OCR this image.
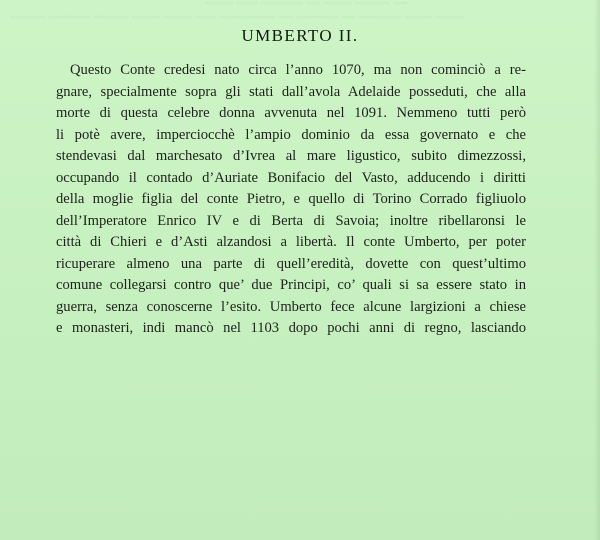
~~~~ ~~~ ~~~~~~ ~~ ~~~~ ~~~~~ ~~
~~~~~ ~~~~~~ ~~~~~ ~~~~ ~~~~ ~~~ ~~~~~~~~ ~~ ~~~~~~ ~~ ~~~~~~ ~~~~ ~~~~
UMBERTO II.
Questo Conte credesi nato circa l’anno 1070, ma non cominciò a re-
gnare, specialmente sopra gli stati dall’avola Adelaide posseduti, che alla
morte di questa celebre donna avvenuta nel 1091. Nemmeno tutti però
li potè avere, imperciocchè l’ampio dominio da essa governato e che
stendevasi dal marchesato d’Ivrea al mare ligustico, subito dimezzossi,
occupando il contado d’Auriate Bonifacio del Vasto, adducendo i diritti
della moglie figlia del conte Pietro, e quello di Torino Corrado figliuolo
dell’Imperatore Enrico IV e di Berta di Savoia; inoltre ribellaronsi le
città di Chieri e d’Asti alzandosi a libertà. Il conte Umberto, per poter
ricuperare almeno una parte di quell’eredità, dovette con quest’ultimo
comune collegarsi contro que’ due Principi, co’ quali si sa essere stato in
guerra, senza conoscerne l’esito. Umberto fece alcune largizioni a chiese
e monasteri, indi mancò nel 1103 dopo pochi anni di regno, lasciando
